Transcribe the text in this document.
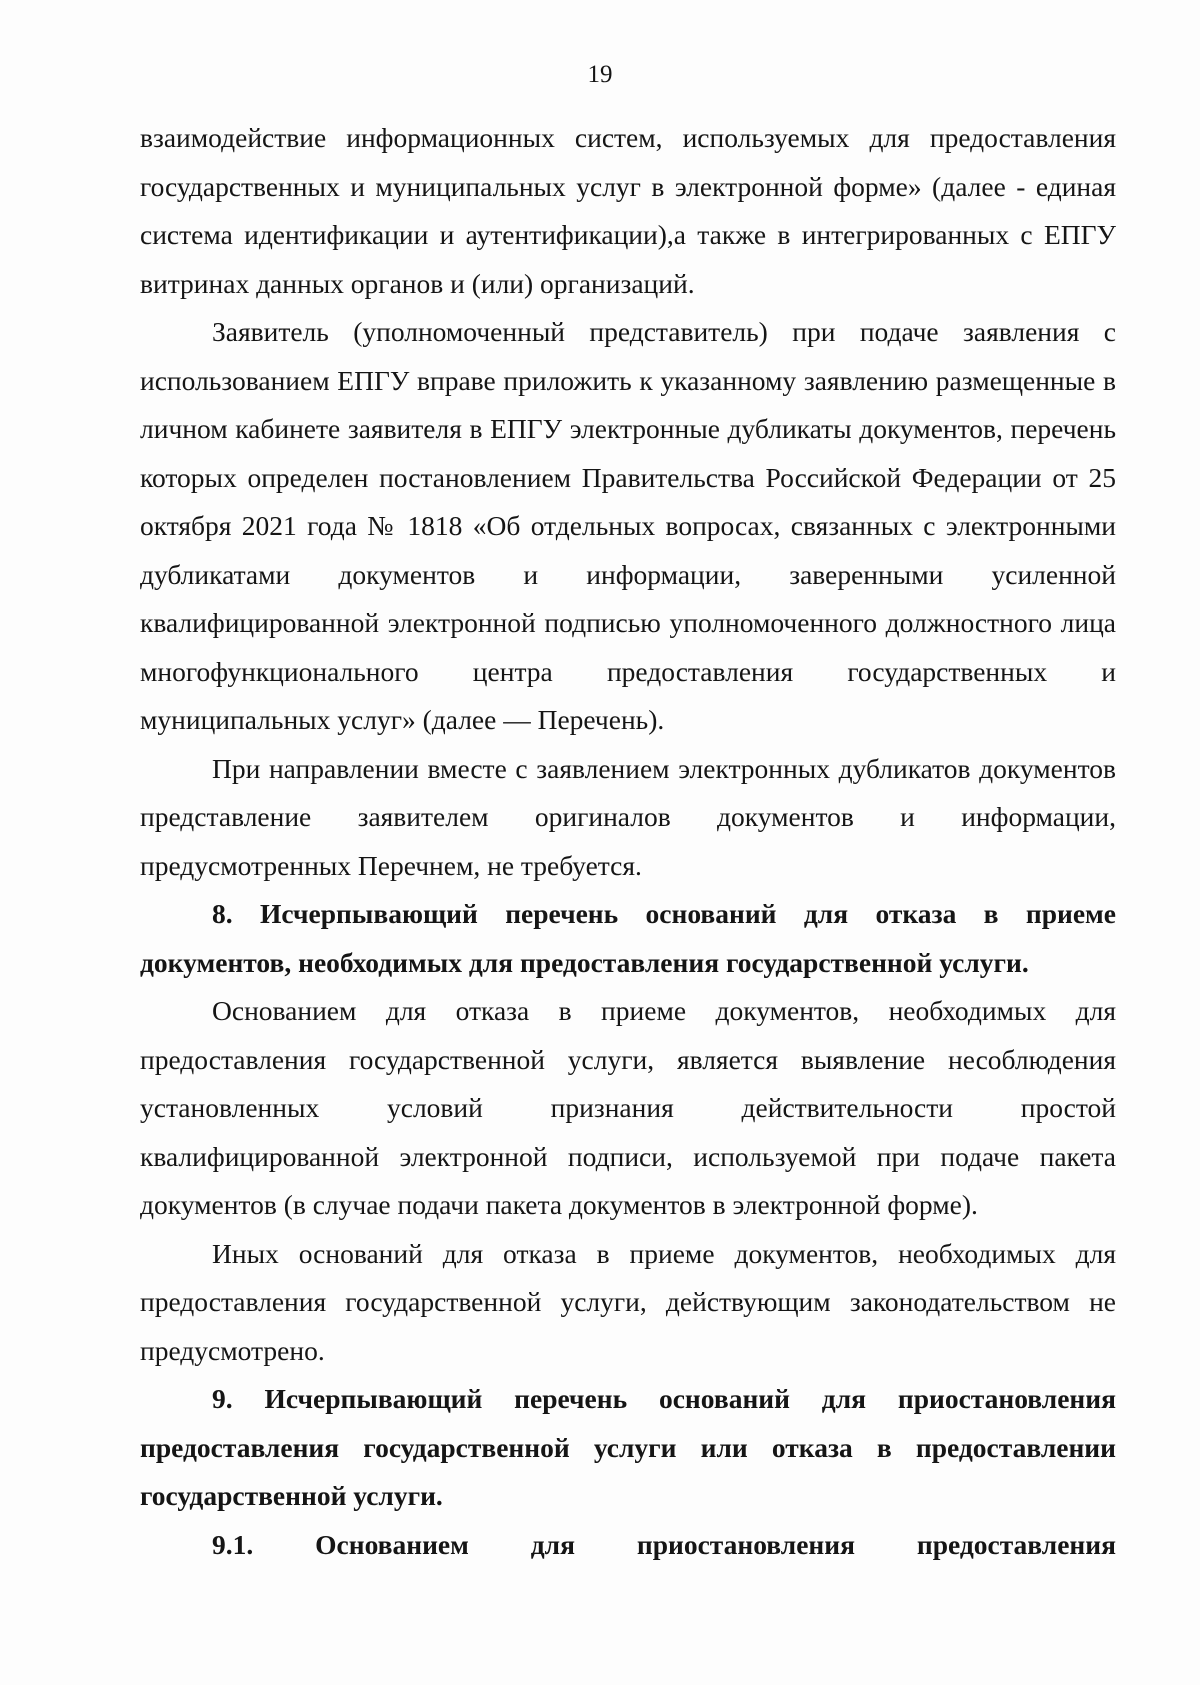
19

взаимодействие информационных систем, используемых для предоставления государственных и муниципальных услуг в электронной форме» (далее - единая система идентификации и аутентификации),а также в интегрированных с ЕПГУ витринах данных органов и (или) организаций.

Заявитель (уполномоченный представитель) при подаче заявления с использованием ЕПГУ вправе приложить к указанному заявлению размещенные в личном кабинете заявителя в ЕПГУ электронные дубликаты документов, перечень которых определен постановлением Правительства Российской Федерации от 25 октября 2021 года № 1818 «Об отдельных вопросах, связанных с электронными дубликатами документов и информации, заверенными усиленной квалифицированной электронной подписью уполномоченного должностного лица многофункционального центра предоставления государственных и муниципальных услуг» (далее — Перечень).

При направлении вместе с заявлением электронных дубликатов документов представление заявителем оригиналов документов и информации, предусмотренных Перечнем, не требуется.

8. Исчерпывающий перечень оснований для отказа в приеме документов, необходимых для предоставления государственной услуги.

Основанием для отказа в приеме документов, необходимых для предоставления государственной услуги, является выявление несоблюдения установленных условий признания действительности простой квалифицированной электронной подписи, используемой при подаче пакета документов (в случае подачи пакета документов в электронной форме).

Иных оснований для отказа в приеме документов, необходимых для предоставления государственной услуги, действующим законодательством не предусмотрено.

9. Исчерпывающий перечень оснований для приостановления предоставления государственной услуги или отказа в предоставлении государственной услуги.

9.1. Основанием для приостановления предоставления
